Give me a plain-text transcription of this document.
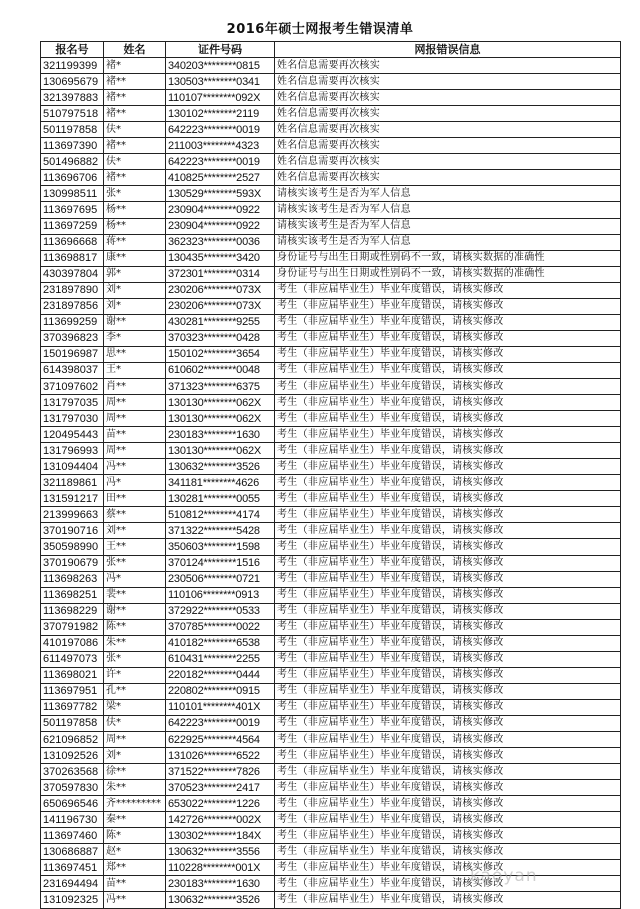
2016年硕士网报考生错误清单
报名号	姓名	证件号码	网报错误信息
321199399	褚*	340203********0815	姓名信息需要再次核实
130695679	褚**	130503********0341	姓名信息需要再次核实
321397883	褚**	110107********092X	姓名信息需要再次核实
510797518	褚**	130102********2119	姓名信息需要再次核实
501197858	伕*	642223********0019	姓名信息需要再次核实
113697390	褚**	211003********4323	姓名信息需要再次核实
501496882	伕*	642223********0019	姓名信息需要再次核实
113696706	褚**	410825********2527	姓名信息需要再次核实
130998511	张*	130529********593X	请核实该考生是否为军人信息
113697695	杨**	230904********0922	请核实该考生是否为军人信息
113697259	杨**	230904********0922	请核实该考生是否为军人信息
113696668	蒋**	362323********0036	请核实该考生是否为军人信息
113698817	康**	130435********3420	身份证号与出生日期或性别码不一致，请核实数据的准确性
430397804	郭*	372301********0314	身份证号与出生日期或性别码不一致，请核实数据的准确性
231897890	刘*	230206********073X	考生（非应届毕业生）毕业年度错误，请核实修改
231897856	刘*	230206********073X	考生（非应届毕业生）毕业年度错误，请核实修改
113699259	谢**	430281********9255	考生（非应届毕业生）毕业年度错误，请核实修改
370396823	李*	370323********0428	考生（非应届毕业生）毕业年度错误，请核实修改
150196987	思**	150102********3654	考生（非应届毕业生）毕业年度错误，请核实修改
614398037	王*	610602********0048	考生（非应届毕业生）毕业年度错误，请核实修改
371097602	肖**	371323********6375	考生（非应届毕业生）毕业年度错误，请核实修改
131797035	周**	130130********062X	考生（非应届毕业生）毕业年度错误，请核实修改
131797030	周**	130130********062X	考生（非应届毕业生）毕业年度错误，请核实修改
120495443	苗**	230183********1630	考生（非应届毕业生）毕业年度错误，请核实修改
131796993	周**	130130********062X	考生（非应届毕业生）毕业年度错误，请核实修改
131094404	冯**	130632********3526	考生（非应届毕业生）毕业年度错误，请核实修改
321189861	冯*	341181********4626	考生（非应届毕业生）毕业年度错误，请核实修改
131591217	田**	130281********0055	考生（非应届毕业生）毕业年度错误，请核实修改
213999663	蔡**	510812********4174	考生（非应届毕业生）毕业年度错误，请核实修改
370190716	刘**	371322********5428	考生（非应届毕业生）毕业年度错误，请核实修改
350598990	王**	350603********1598	考生（非应届毕业生）毕业年度错误，请核实修改
370190679	张**	370124********1516	考生（非应届毕业生）毕业年度错误，请核实修改
113698263	冯*	230506********0721	考生（非应届毕业生）毕业年度错误，请核实修改
113698251	裴**	110106********0913	考生（非应届毕业生）毕业年度错误，请核实修改
113698229	谢**	372922********0533	考生（非应届毕业生）毕业年度错误，请核实修改
370791982	陈**	370785********0022	考生（非应届毕业生）毕业年度错误，请核实修改
410197086	朱**	410182********6538	考生（非应届毕业生）毕业年度错误，请核实修改
611497073	张*	610431********2255	考生（非应届毕业生）毕业年度错误，请核实修改
113698021	许*	220182********0444	考生（非应届毕业生）毕业年度错误，请核实修改
113697951	孔**	220802********0915	考生（非应届毕业生）毕业年度错误，请核实修改
113697782	梁*	110101********401X	考生（非应届毕业生）毕业年度错误，请核实修改
501197858	伕*	642223********0019	考生（非应届毕业生）毕业年度错误，请核实修改
621096852	周**	622925********4564	考生（非应届毕业生）毕业年度错误，请核实修改
131092526	刘*	131026********6522	考生（非应届毕业生）毕业年度错误，请核实修改
370263568	徐**	371522********7826	考生（非应届毕业生）毕业年度错误，请核实修改
370597830	朱**	370523********2417	考生（非应届毕业生）毕业年度错误，请核实修改
650696546	齐*********	653022********1226	考生（非应届毕业生）毕业年度错误，请核实修改
141196730	秦**	142726********002X	考生（非应届毕业生）毕业年度错误，请核实修改
113697460	陈*	130302********184X	考生（非应届毕业生）毕业年度错误，请核实修改
130686887	赵*	130632********3556	考生（非应届毕业生）毕业年度错误，请核实修改
113697451	郑**	110228********001X	考生（非应届毕业生）毕业年度错误，请核实修改
231694494	苗**	230183********1630	考生（非应届毕业生）毕业年度错误，请核实修改
131092325	冯**	130632********3526	考生（非应届毕业生）毕业年度错误，请核实修改
kaoyan
